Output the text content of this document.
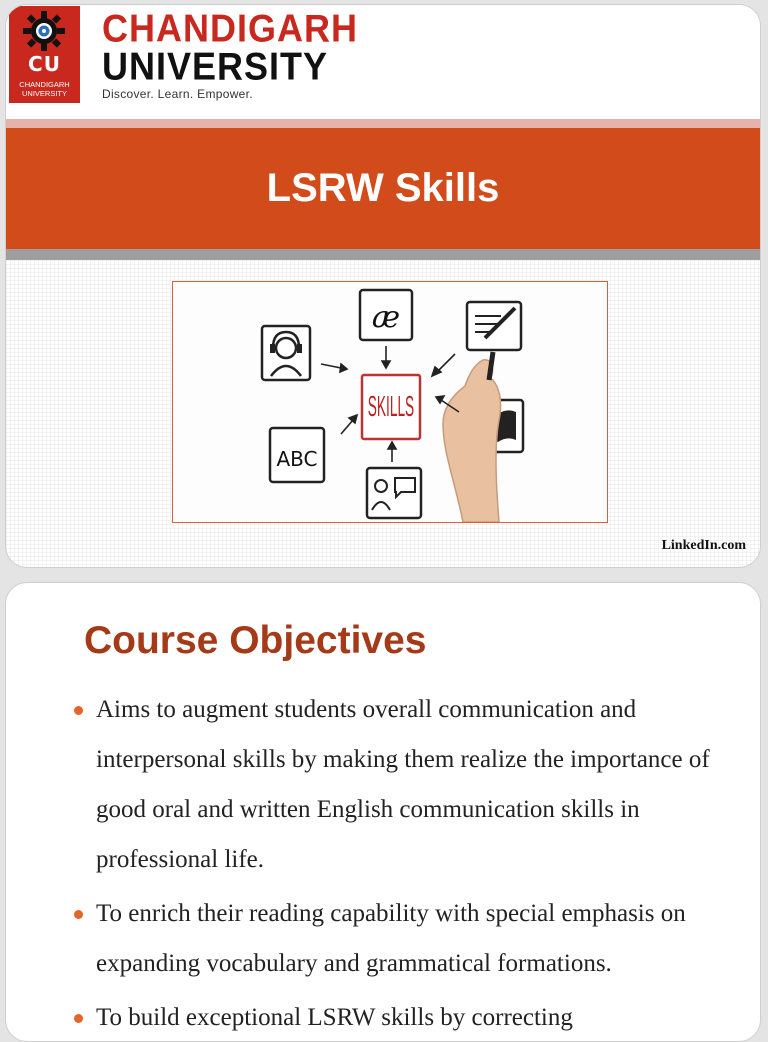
CU
CHANDIGARH
UNIVERSITY
CHANDIGARH
UNIVERSITY
Discover. Learn. Empower.
LSRW Skills
æ
SKILLS
ABC
LinkedIn.com
Course Objectives
Aims to augment students overall communication and interpersonal skills by making them realize the importance of good oral and written English communication skills in professional life.
To enrich their reading capability with special emphasis on expanding vocabulary and grammatical formations.
To build exceptional LSRW skills by correcting
